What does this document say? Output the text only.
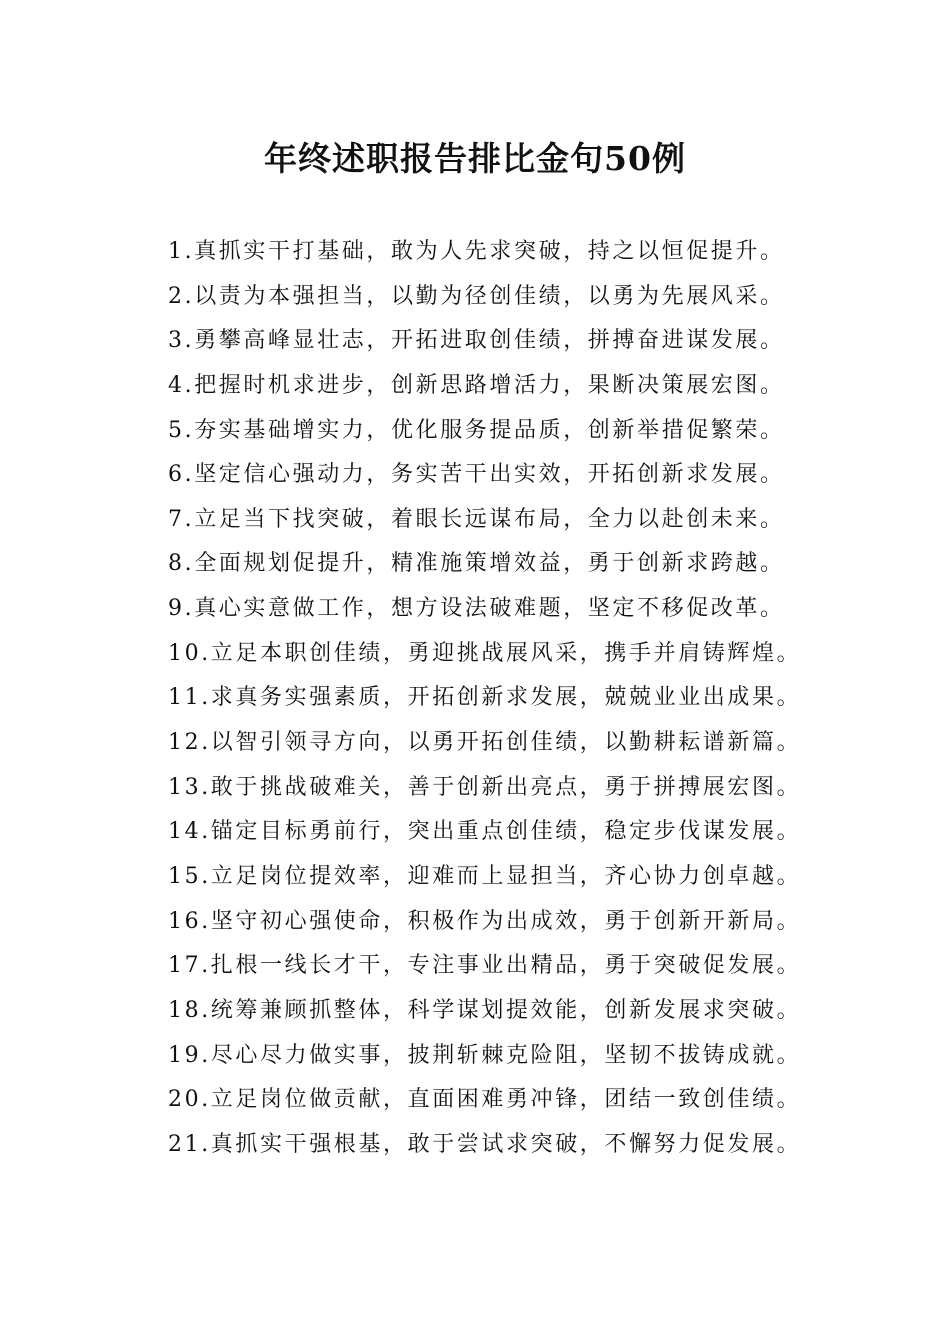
年终述职报告排比金句50例
1.真抓实干打基础，敢为人先求突破，持之以恒促提升。
2.以责为本强担当，以勤为径创佳绩，以勇为先展风采。
3.勇攀高峰显壮志，开拓进取创佳绩，拼搏奋进谋发展。
4.把握时机求进步，创新思路增活力，果断决策展宏图。
5.夯实基础增实力，优化服务提品质，创新举措促繁荣。
6.坚定信心强动力，务实苦干出实效，开拓创新求发展。
7.立足当下找突破，着眼长远谋布局，全力以赴创未来。
8.全面规划促提升，精准施策增效益，勇于创新求跨越。
9.真心实意做工作，想方设法破难题，坚定不移促改革。
10.立足本职创佳绩，勇迎挑战展风采，携手并肩铸辉煌。
11.求真务实强素质，开拓创新求发展，兢兢业业出成果。
12.以智引领寻方向，以勇开拓创佳绩，以勤耕耘谱新篇。
13.敢于挑战破难关，善于创新出亮点，勇于拼搏展宏图。
14.锚定目标勇前行，突出重点创佳绩，稳定步伐谋发展。
15.立足岗位提效率，迎难而上显担当，齐心协力创卓越。
16.坚守初心强使命，积极作为出成效，勇于创新开新局。
17.扎根一线长才干，专注事业出精品，勇于突破促发展。
18.统筹兼顾抓整体，科学谋划提效能，创新发展求突破。
19.尽心尽力做实事，披荆斩棘克险阻，坚韧不拔铸成就。
20.立足岗位做贡献，直面困难勇冲锋，团结一致创佳绩。
21.真抓实干强根基，敢于尝试求突破，不懈努力促发展。
